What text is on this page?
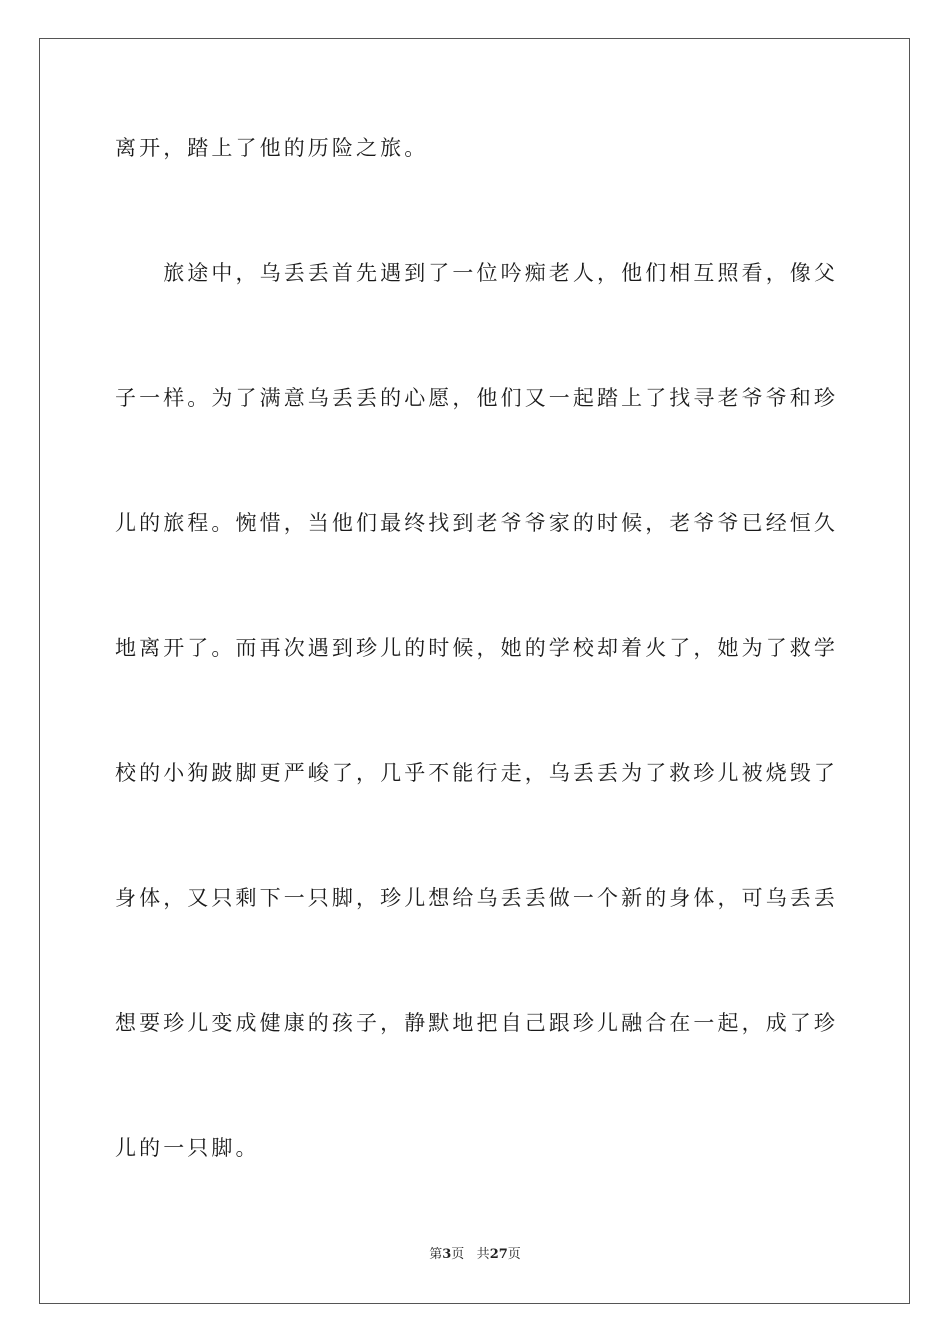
离开，踏上了他的历险之旅。
　　旅途中，乌丢丢首先遇到了一位吟痴老人，他们相互照看，像父
子一样。为了满意乌丢丢的心愿，他们又一起踏上了找寻老爷爷和珍
儿的旅程。惋惜，当他们最终找到老爷爷家的时候，老爷爷已经恒久
地离开了。而再次遇到珍儿的时候，她的学校却着火了，她为了救学
校的小狗跛脚更严峻了，几乎不能行走，乌丢丢为了救珍儿被烧毁了
身体，又只剩下一只脚，珍儿想给乌丢丢做一个新的身体，可乌丢丢
想要珍儿变成健康的孩子，静默地把自己跟珍儿融合在一起，成了珍
儿的一只脚。
第3页 共27页
